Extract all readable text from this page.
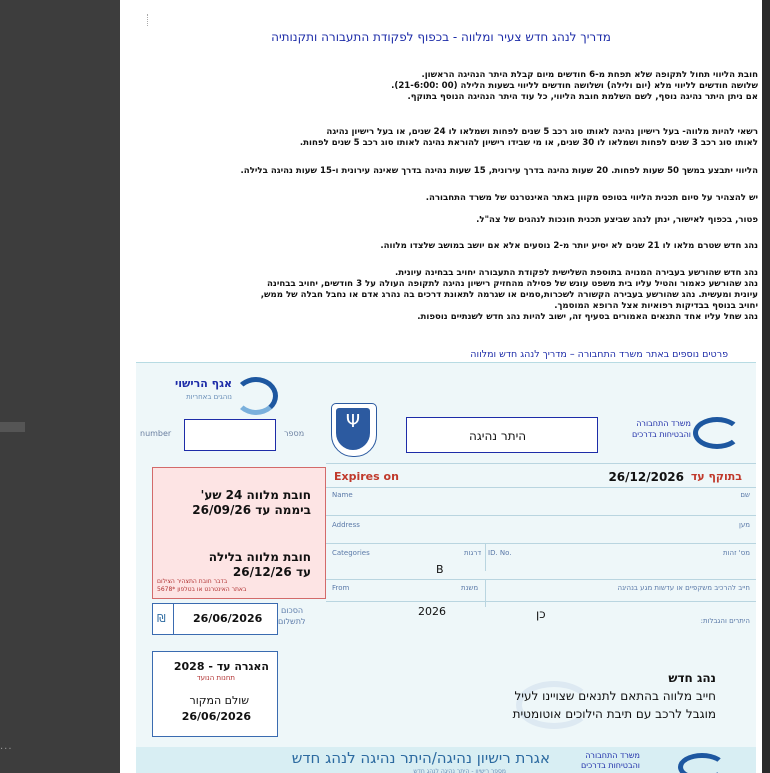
···
מדריך לנהג חדש צעיר ומלווה - בכפוף לפקודת התעבורה ותקנותיה
חובת הליווי תחול לתקופה שלא תפחת מ-6 חודשים מיום קבלת היתר הנהיגה הראשון.
שלושה חודשים לליווי מלא (יום ולילה) ושלושה חודשים לליווי בשעות הלילה (00 :21-6:00).
אם ניתן היתר נהיגה נוסף, לשם השלמת חובת הליווי, כל עוד היתר הנהיגה הנוסף בתוקף.
רשאי להיות מלווה- בעל רישיון נהיגה לאותו סוג רכב 5 שנים לפחות ושמלאו לו 24 שנים, או בעל רישיון נהיגה
לאותו סוג רכב 3 שנים לפחות ושמלאו לו 30 שנים, או מי שבידו רישיון להוראת נהיגה לאותו סוג רכב 5 שנים לפחות.
הליווי יתבצע במשך 50 שעות לפחות. 20 שעות נהיגה בדרך עירונית, 15 שעות נהיגה בדרך שאינה עירונית ו-15 שעות נהיגה בלילה.
יש להצהיר על סיום תכנית הליווי בטופס מקוון באתר האינטרנט של משרד התחבורה.
פטור, בכפוף לאישור, ינתן לנהג שביצע תכנית חונכות לנהגים של צה"ל.
נהג חדש שטרם מלאו לו 21 שנים לא יסיע יותר מ-2 נוסעים אלא אם יושב במושב שלצדו מלווה.
נהג חדש שהורשע בעבירה המנויה בתוספת השלישית לפקודת התעבורה יחויב בבחינה עיונית.
נהג שהורשע כאמור והטיל עליו בית משפט עונש של פסילה מהחזיק רישיון נהיגה לתקופה העולה על 3 חודשים, יחויב בבחינה
עיונית ומעשית. נהג שהורשע בעבירה הקשורה לשכרות,סמים או שגרמה לתאונת דרכים בה נהרג אדם או נחבל חבלה של ממש,
יחויב בנוסף בבדיקות רפואיות אצל הרופא המוסמך.
נהג שחל עליו אחד התנאים האמורים בסעיף זה, ישוב להיות נהג חדש לשנתיים נוספות.
פרטים נוספים באתר משרד התחבורה – מדריך לנהג חדש ומלווה
אגף הרישוי
נוהגים באחריות
number	מספר
Ψ
היתר נהיגה
משרד התחבורה
והבטיחות בדרכים
חובת מלווה 24 שע'
ביממה עד 26/09/26
חובת מלווה בלילה
עד 26/12/26
בדבר חובת התצהיר הצילום
באתר האינטרנט או בטלפון *5678
Expires on	בתוקף עד
26/12/2026
Name	שם
Address	מען
Categories	דרגות ID. No.	מס' זהות
B
From	משנת	חייב להרכיב משקפיים או עדשות מגע בנהיגה
2026	כן	היתרים והגבלות:
₪ 26/06/2026
הסכום
לתשלום
האגרה עד - 2028
תחנות הנועד
שולם המקור
26/06/2026
נהג חדש
חייב מלווה בהתאם לתנאים שצויינו לעיל
מוגבל לרכב עם תיבת הילוכים אוטומטית
אגרת רישיון נהיגה/היתר נהיגה לנהג חדש
מספר רישיון - היתר נהיגה לנהג חדש
משרד התחבורה
והבטיחות בדרכים
